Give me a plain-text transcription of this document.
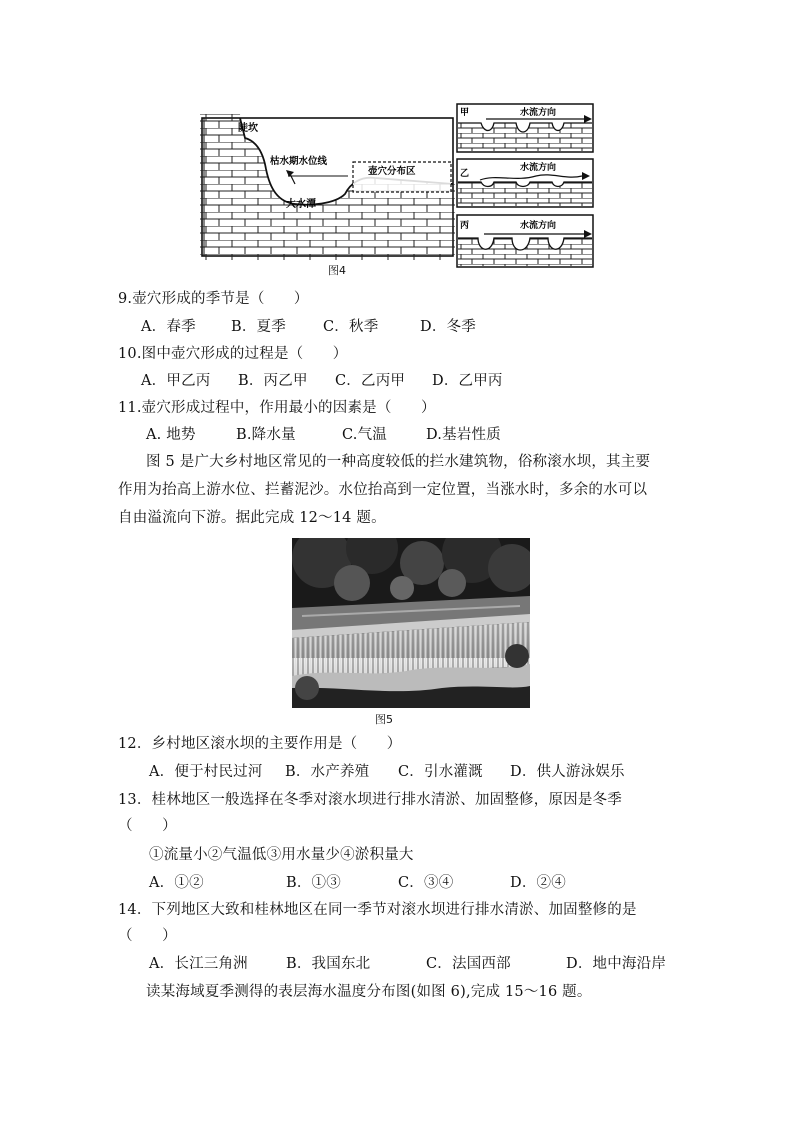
陡坎
枯水期水位线
大水潭
壶穴分布区
甲	水流方向
乙
水流方向
丙	水流方向
图4
9.壶穴形成的季节是（　　）
A．春季 B．夏季	C．秋季	D．冬季
10.图中壶穴形成的过程是（　　）
A．甲乙丙 B．丙乙甲 C．乙丙甲 D．乙甲丙
11.壶穴形成过程中，作用最小的因素是（　　）
A. 地势	B.降水量	C.气温	D.基岩性质
图 5 是广大乡村地区常见的一种高度较低的拦水建筑物，俗称滚水坝，其主要
作用为抬高上游水位、拦蓄泥沙。水位抬高到一定位置，当涨水时，多余的水可以
自由溢流向下游。据此完成 12～14 题。
图5
12．乡村地区滚水坝的主要作用是（　　）
A．便于村民过河 B．水产养殖 C．引水灌溉 D．供人游泳娱乐
13．桂林地区一般选择在冬季对滚水坝进行排水清淤、加固整修，原因是冬季
（　　）
①流量小②气温低③用水量少④淤积量大
A．①②	B．①③	C．③④	D．②④
14．下列地区大致和桂林地区在同一季节对滚水坝进行排水清淤、加固整修的是
（　　）
A．长江三角洲	B．我国东北	C．法国西部	D．地中海沿岸
读某海域夏季测得的表层海水温度分布图(如图 6),完成 15～16 题。
